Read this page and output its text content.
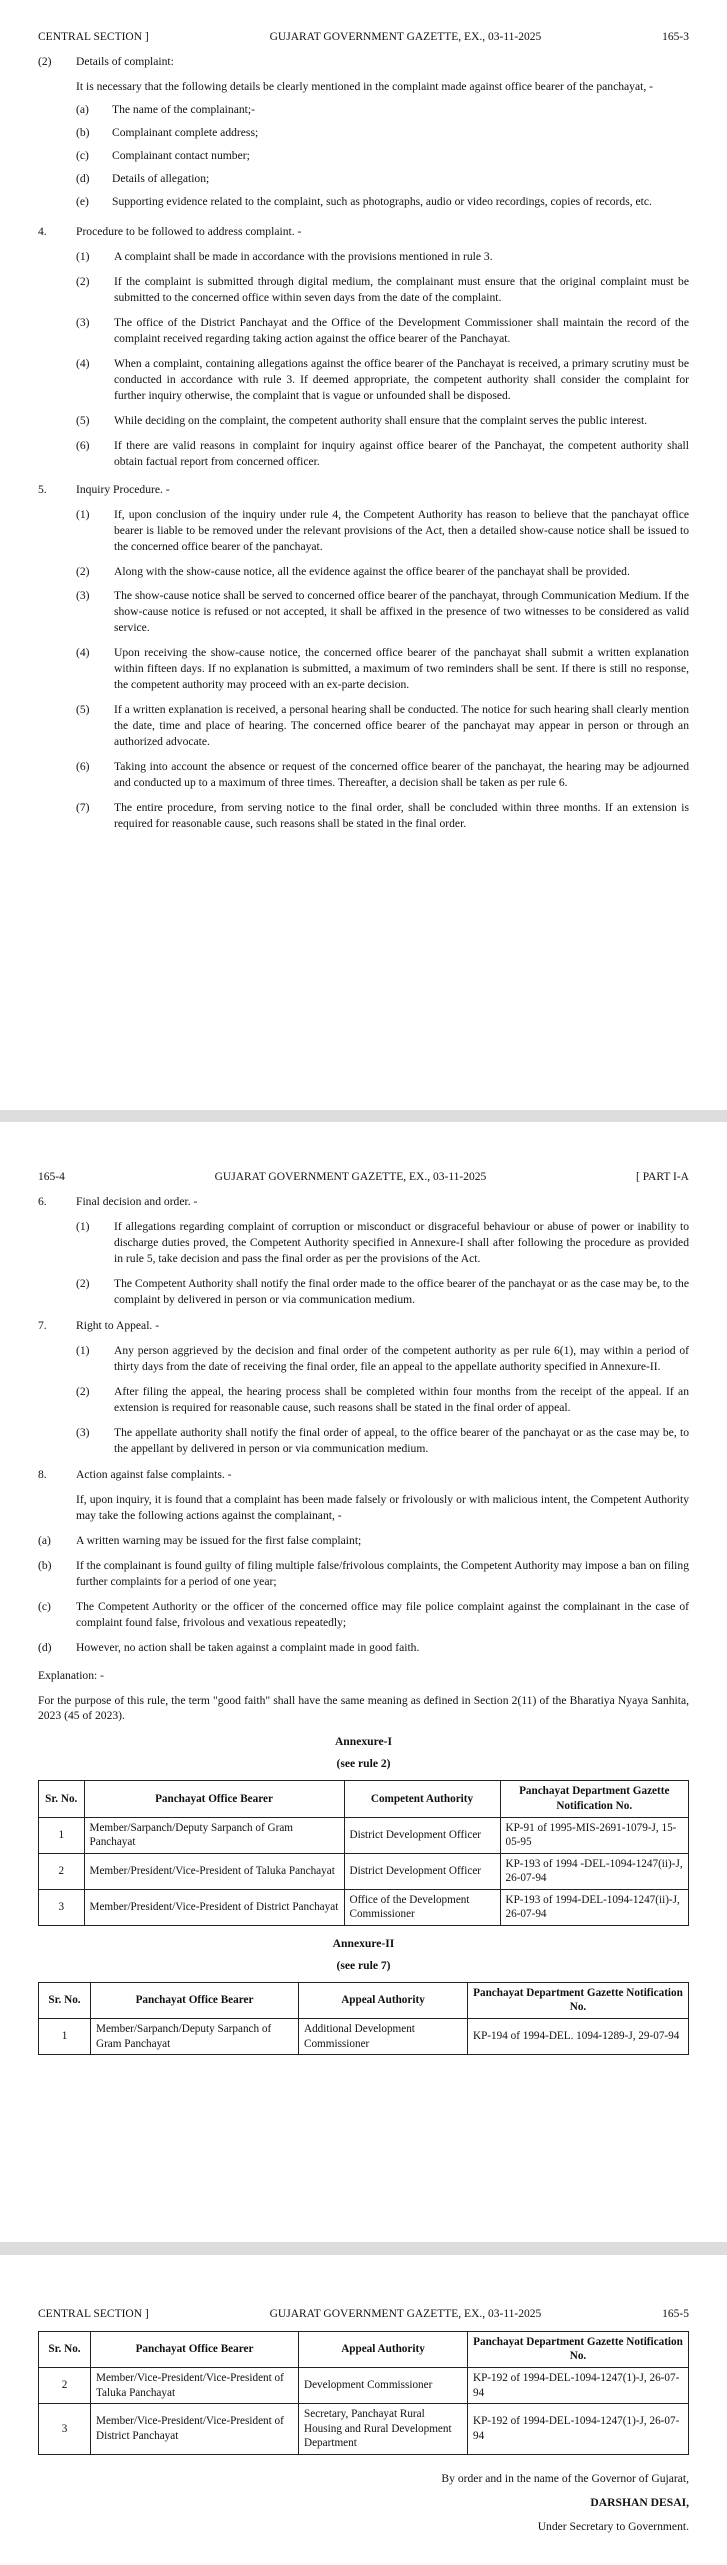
CENTRAL SECTION ]	GUJARAT GOVERNMENT GAZETTE, EX., 03-11-2025	165-3
(2) Details of complaint:
It is necessary that the following details be clearly mentioned in the complaint made against office bearer of the panchayat, -
(a) The name of the complainant;-
(b) Complainant complete address;
(c) Complainant contact number;
(d) Details of allegation;
(e) Supporting evidence related to the complaint, such as photographs, audio or video recordings, copies of records, etc.
4.	Procedure to be followed to address complaint. -
(1) A complaint shall be made in accordance with the provisions mentioned in rule 3.
(2) If the complaint is submitted through digital medium, the complainant must ensure that the original complaint must be submitted to the concerned office within seven days from the date of the complaint.
(3) The office of the District Panchayat and the Office of the Development Commissioner shall maintain the record of the complaint received regarding taking action against the office bearer of the Panchayat.
(4) When a complaint, containing allegations against the office bearer of the Panchayat is received, a primary scrutiny must be conducted in accordance with rule 3. If deemed appropriate, the competent authority shall consider the complaint for further inquiry otherwise, the complaint that is vague or unfounded shall be disposed.
(5) While deciding on the complaint, the competent authority shall ensure that the complaint serves the public interest.
(6) If there are valid reasons in complaint for inquiry against office bearer of the Panchayat, the competent authority shall obtain factual report from concerned officer.
5.	Inquiry Procedure. -
(1) If, upon conclusion of the inquiry under rule 4, the Competent Authority has reason to believe that the panchayat office bearer is liable to be removed under the relevant provisions of the Act, then a detailed show-cause notice shall be issued to the concerned office bearer of the panchayat.
(2) Along with the show-cause notice, all the evidence against the office bearer of the panchayat shall be provided.
(3) The show-cause notice shall be served to concerned office bearer of the panchayat, through Communication Medium. If the show-cause notice is refused or not accepted, it shall be affixed in the presence of two witnesses to be considered as valid service.
(4) Upon receiving the show-cause notice, the concerned office bearer of the panchayat shall submit a written explanation within fifteen days. If no explanation is submitted, a maximum of two reminders shall be sent. If there is still no response, the competent authority may proceed with an ex-parte decision.
(5) If a written explanation is received, a personal hearing shall be conducted. The notice for such hearing shall clearly mention the date, time and place of hearing. The concerned office bearer of the panchayat may appear in person or through an authorized advocate.
(6) Taking into account the absence or request of the concerned office bearer of the panchayat, the hearing may be adjourned and conducted up to a maximum of three times. Thereafter, a decision shall be taken as per rule 6.
(7) The entire procedure, from serving notice to the final order, shall be concluded within three months. If an extension is required for reasonable cause, such reasons shall be stated in the final order.
165-4	GUJARAT GOVERNMENT GAZETTE, EX., 03-11-2025	[ PART I-A
6.	Final decision and order. -
(1) If allegations regarding complaint of corruption or misconduct or disgraceful behaviour or abuse of power or inability to discharge duties proved, the Competent Authority specified in Annexure-I shall after following the procedure as provided in rule 5, take decision and pass the final order as per the provisions of the Act.
(2) The Competent Authority shall notify the final order made to the office bearer of the panchayat or as the case may be, to the complaint by delivered in person or via communication medium.
7.	Right to Appeal. -
(1) Any person aggrieved by the decision and final order of the competent authority as per rule 6(1), may within a period of thirty days from the date of receiving the final order, file an appeal to the appellate authority specified in Annexure-II.
(2) After filing the appeal, the hearing process shall be completed within four months from the receipt of the appeal. If an extension is required for reasonable cause, such reasons shall be stated in the final order of appeal.
(3) The appellate authority shall notify the final order of appeal, to the office bearer of the panchayat or as the case may be, to the appellant by delivered in person or via communication medium.
8.	Action against false complaints. -
If, upon inquiry, it is found that a complaint has been made falsely or frivolously or with malicious intent, the Competent Authority may take the following actions against the complainant, -
(a) A written warning may be issued for the first false complaint;
(b) If the complainant is found guilty of filing multiple false/frivolous complaints, the Competent Authority may impose a ban on filing further complaints for a period of one year;
(c) The Competent Authority or the officer of the concerned office may file police complaint against the complainant in the case of complaint found false, frivolous and vexatious repeatedly;
(d) However, no action shall be taken against a complaint made in good faith.
Explanation: -
For the purpose of this rule, the term "good faith" shall have the same meaning as defined in Section 2(11) of the Bharatiya Nyaya Sanhita, 2023 (45 of 2023).
Annexure-I
(see rule 2)
Sr. No.	Panchayat Office Bearer	Competent Authority	Panchayat Department Gazette Notification No.
1	Member/Sarpanch/Deputy Sarpanch of Gram Panchayat	District Development Officer	KP-91 of 1995-MIS-2691-1079-J, 15-05-95
2	Member/President/Vice-President of Taluka Panchayat	District Development Officer	KP-193 of 1994 -DEL-1094-1247(ii)-J, 26-07-94
3	Member/President/Vice-President of District Panchayat	Office of the Development Commissioner	KP-193 of 1994-DEL-1094-1247(ii)-J, 26-07-94
Annexure-II
(see rule 7)
Sr. No.	Panchayat Office Bearer	Appeal Authority	Panchayat Department Gazette Notification No.
1	Member/Sarpanch/Deputy Sarpanch of Gram Panchayat	Additional Development Commissioner	KP-194 of 1994-DEL. 1094-1289-J, 29-07-94
CENTRAL SECTION ]	GUJARAT GOVERNMENT GAZETTE, EX., 03-11-2025	165-5
Sr. No.	Panchayat Office Bearer	Appeal Authority	Panchayat Department Gazette Notification No.
2	Member/Vice-President/Vice-President of Taluka Panchayat	Development Commissioner	KP-192 of 1994-DEL-1094-1247(1)-J, 26-07-94
3	Member/Vice-President/Vice-President of District Panchayat	Secretary, Panchayat Rural Housing and Rural Development Department	KP-192 of 1994-DEL-1094-1247(1)-J, 26-07-94
By order and in the name of the Governor of Gujarat,
DARSHAN DESAI,
Under Secretary to Government.
